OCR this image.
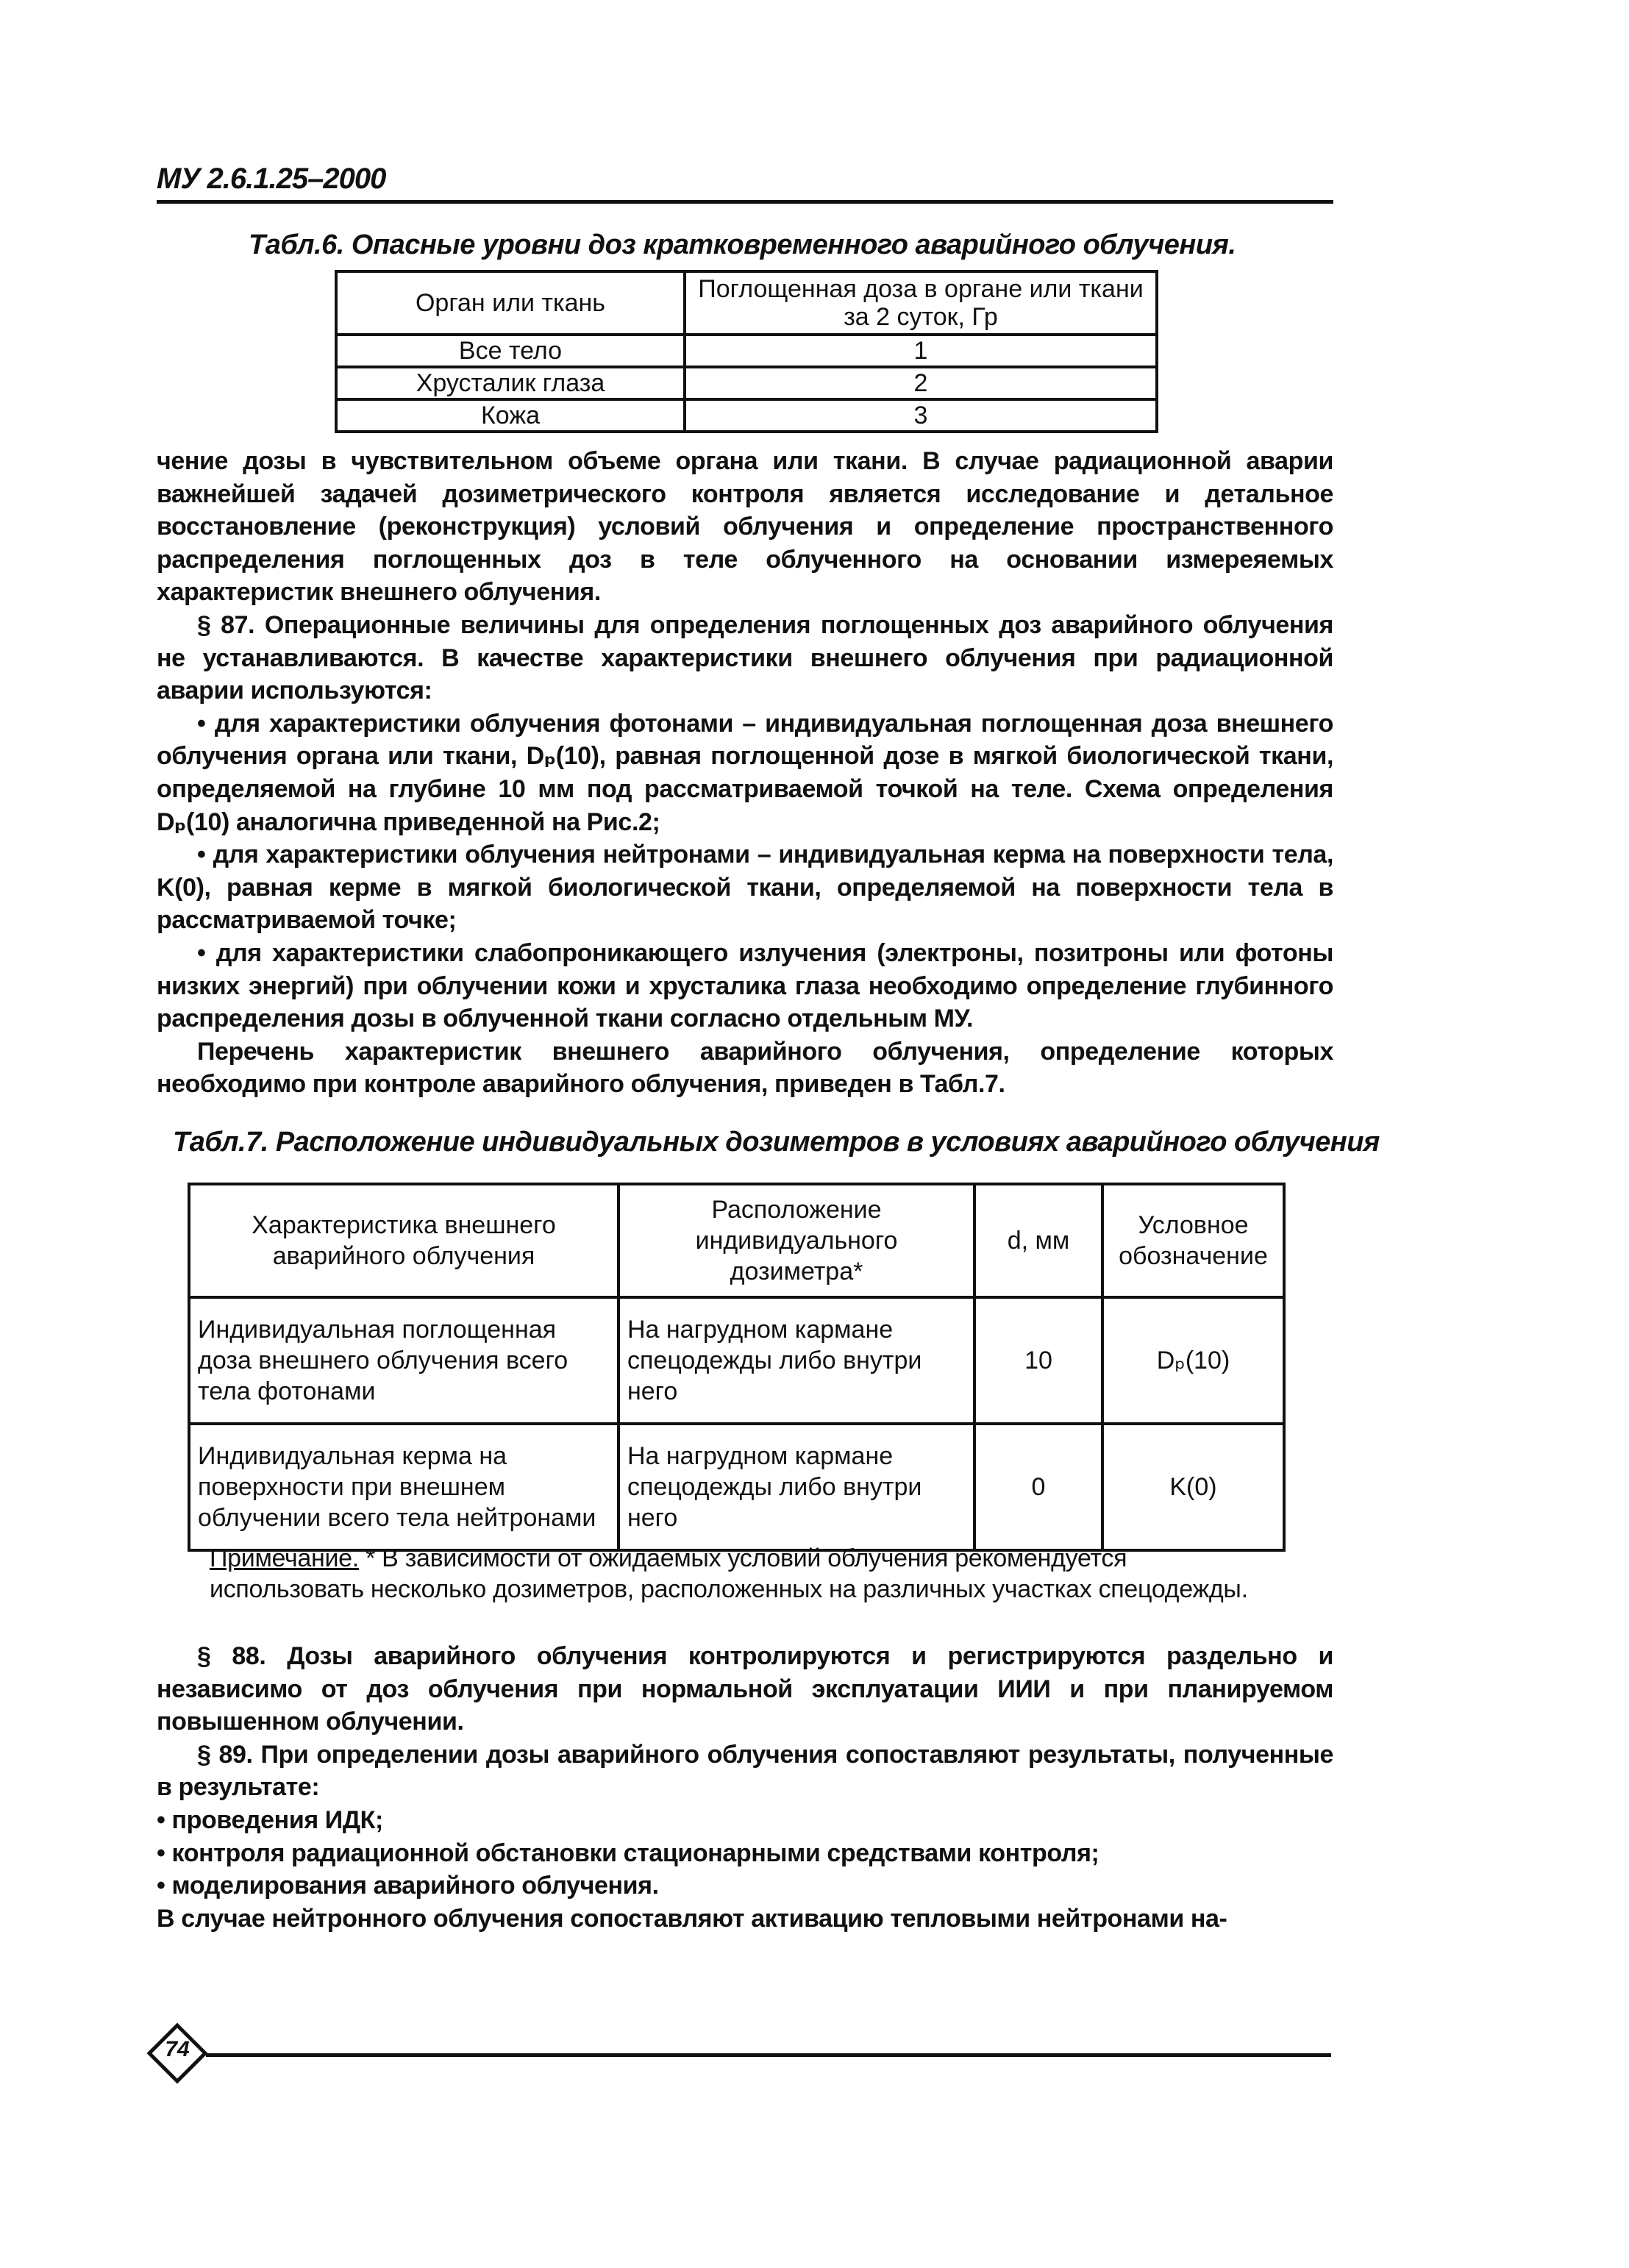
МУ 2.6.1.25–2000
Табл.6. Опасные уровни доз кратковременного аварийного облучения.
Орган или ткань	Поглощенная доза в органе или ткани за 2 суток, Гр
Все тело	1
Хрусталик глаза	2
Кожа	3

чение дозы в чувствительном объеме органа или ткани. В случае радиационной аварии важнейшей задачей дозиметрического контроля является исследование и детальное восстановление (реконструкция) условий облучения и определение пространственного распределения поглощенных доз в теле облученного на основании измереяемых характеристик внешнего облучения.

§ 87. Операционные величины для определения поглощенных доз аварийного облучения не устанавливаются. В качестве характеристики внешнего облучения при радиационной аварии используются:

• для характеристики облучения фотонами – индивидуальная поглощенная доза внешнего облучения органа или ткани, Dₚ(10), равная поглощенной дозе в мягкой биологической ткани, определяемой на глубине 10 мм под рассматриваемой точкой на теле. Схема определения Dₚ(10) аналогична приведенной на Рис.2;

• для характеристики облучения нейтронами – индивидуальная керма на поверхности тела, K(0), равная керме в мягкой биологической ткани, определяемой на поверхности тела в рассматриваемой точке;

• для характеристики слабопроникающего излучения (электроны, позитроны или фотоны низких энергий) при облучении кожи и хрусталика глаза необходимо определение глубинного распределения дозы в облученной ткани согласно отдельным МУ.

Перечень характеристик внешнего аварийного облучения, определение которых необходимо при контроле аварийного облучения, приведен в Табл.7.

Табл.7. Расположение индивидуальных дозиметров в условиях аварийного облучения
Характеристика внешнего аварийного облучения	Расположение индивидуального дозиметра*	d, мм	Условное обозначение
Индивидуальная поглощенная доза внешнего облучения всего тела фотонами	На нагрудном кармане спецодежды либо внутри него	10	Dₚ(10)
Индивидуальная керма на поверхности при внешнем облучении всего тела нейтронами	На нагрудном кармане спецодежды либо внутри него	0	K(0)
Примечание. * В зависимости от ожидаемых условий облучения рекомендуется использовать несколько дозиметров, расположенных на различных участках спецодежды.

§ 88. Дозы аварийного облучения контролируются и регистрируются раздельно и независимо от доз облучения при нормальной эксплуатации ИИИ и при планируемом повышенном облучении.

§ 89. При определении дозы аварийного облучения сопоставляют результаты, полученные в результате:

• проведения ИДК;

• контроля радиационной обстановки стационарными средствами контроля;

• моделирования аварийного облучения.

В случае нейтронного облучения сопоставляют активацию тепловыми нейтронами на-

74
